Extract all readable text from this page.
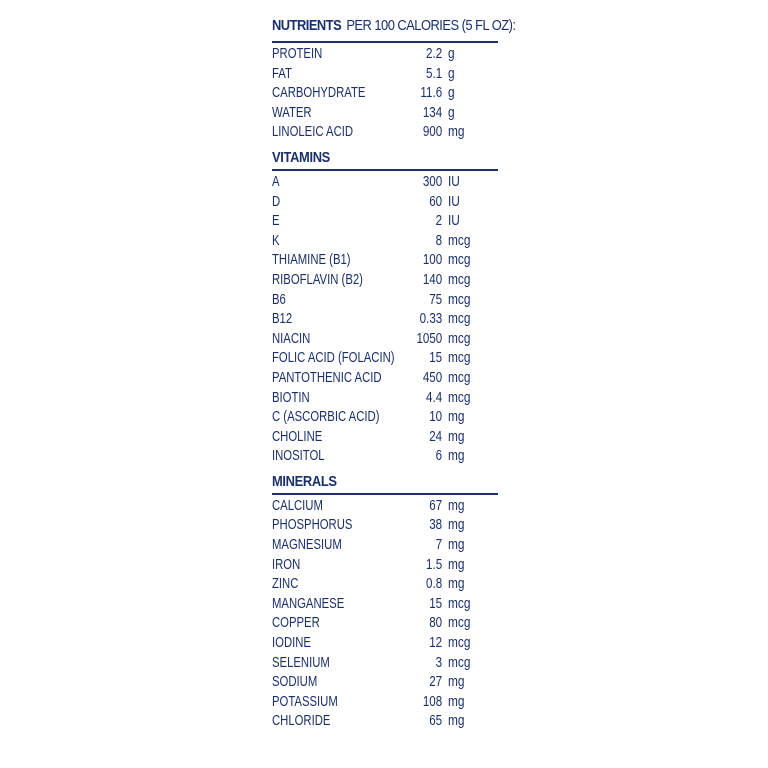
NUTRIENTS PER 100 CALORIES (5 FL OZ):
PROTEIN	2.2 g
FAT	5.1 g
CARBOHYDRATE	11.6 g
WATER	134 g
LINOLEIC ACID	900 mg
VITAMINS
A	300 IU
D	60 IU
E	2 IU
K	8 mcg
THIAMINE (B1)	100 mcg
RIBOFLAVIN (B2)	140 mcg
B6	75 mcg
B12	0.33 mcg
NIACIN	1050 mcg
FOLIC ACID (FOLACIN) 15 mcg
PANTOTHENIC ACID	450 mcg
BIOTIN	4.4 mcg
C (ASCORBIC ACID)	10 mg
CHOLINE	24 mg
INOSITOL	6 mg
MINERALS
CALCIUM	67 mg
PHOSPHORUS	38 mg
MAGNESIUM	7 mg
IRON	1.5 mg
ZINC	0.8 mg
MANGANESE	15 mcg
COPPER	80 mcg
IODINE	12 mcg
SELENIUM	3 mcg
SODIUM	27 mg
POTASSIUM	108 mg
CHLORIDE	65 mg
